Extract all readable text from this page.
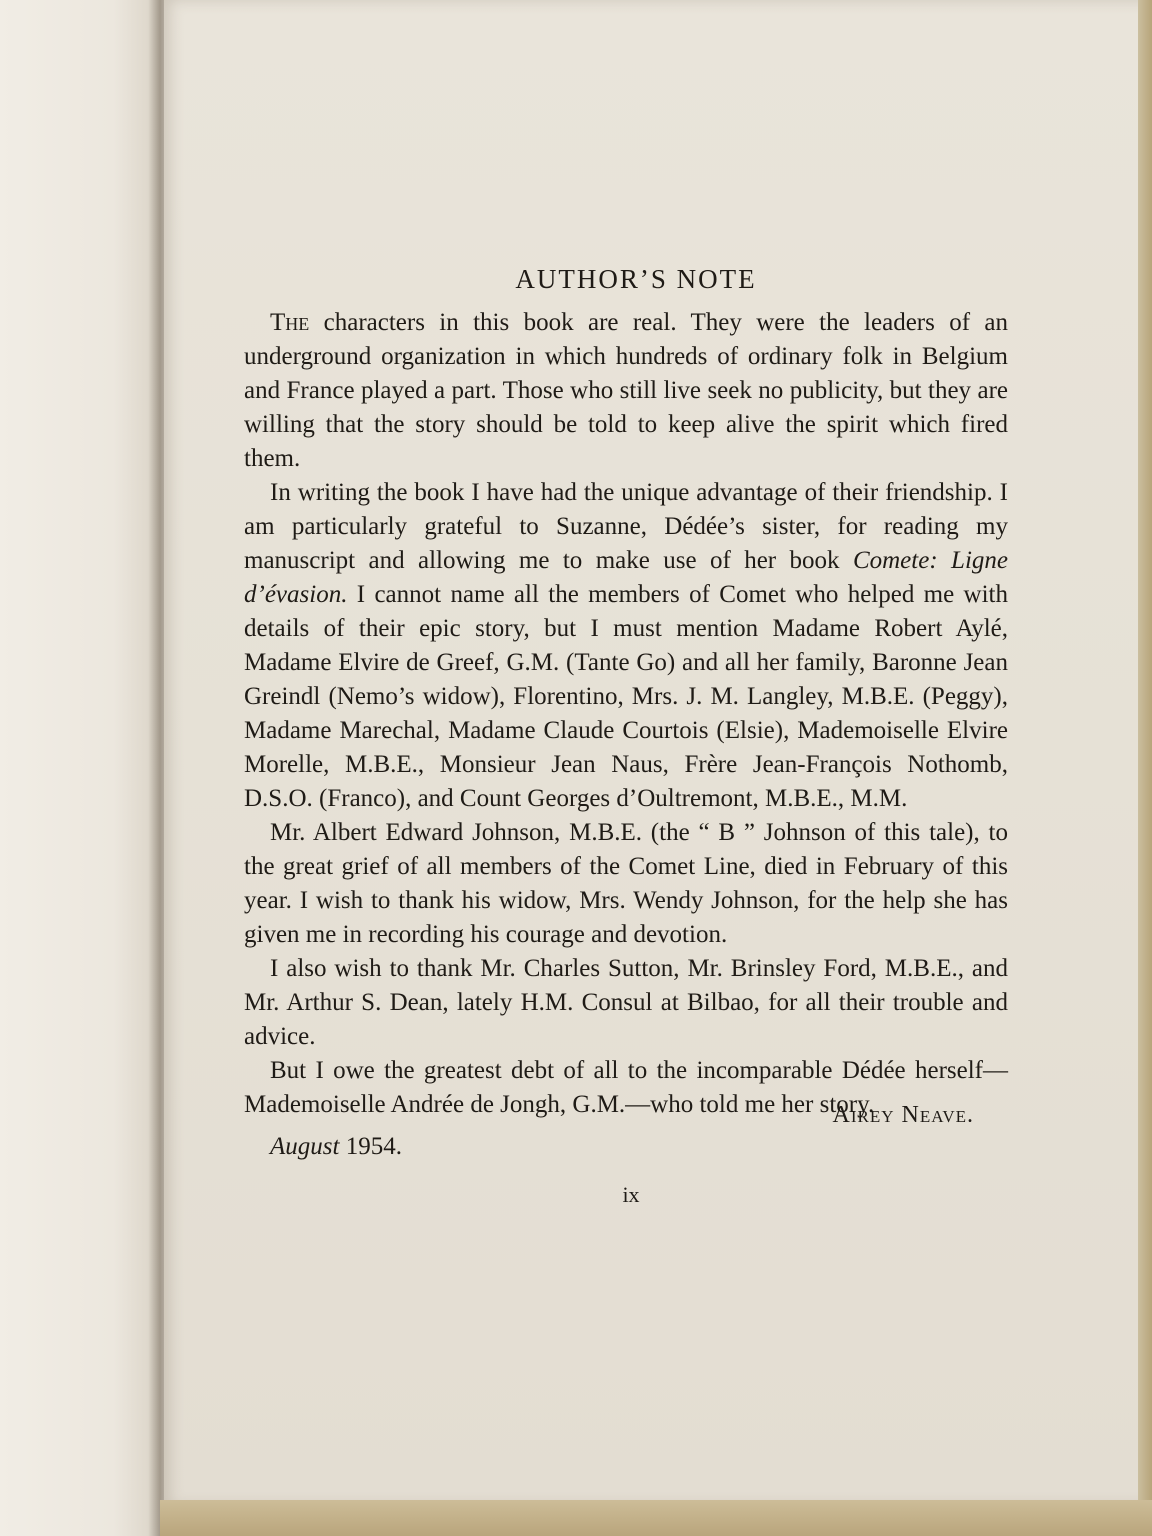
AUTHOR’S NOTE

The characters in this book are real. They were the leaders of an underground organization in which hundreds of ordinary folk in Belgium and France played a part. Those who still live seek no publicity, but they are willing that the story should be told to keep alive the spirit which fired them.

In writing the book I have had the unique advantage of their friendship. I am particularly grateful to Suzanne, Dédée’s sister, for reading my manuscript and allowing me to make use of her book Comete: Ligne d’évasion. I cannot name all the members of Comet who helped me with details of their epic story, but I must mention Madame Robert Aylé, Madame Elvire de Greef, G.M. (Tante Go) and all her family, Baronne Jean Greindl (Nemo’s widow), Florentino, Mrs. J. M. Langley, M.B.E. (Peggy), Madame Marechal, Madame Claude Courtois (Elsie), Mademoiselle Elvire Morelle, M.B.E., Monsieur Jean Naus, Frère Jean-François Nothomb, D.S.O. (Franco), and Count Georges d’Oultremont, M.B.E., M.M.

Mr. Albert Edward Johnson, M.B.E. (the “ B ” Johnson of this tale), to the great grief of all members of the Comet Line, died in February of this year. I wish to thank his widow, Mrs. Wendy Johnson, for the help she has given me in recording his courage and devotion.

I also wish to thank Mr. Charles Sutton, Mr. Brinsley Ford, M.B.E., and Mr. Arthur S. Dean, lately H.M. Consul at Bilbao, for all their trouble and advice.

But I owe the greatest debt of all to the incomparable Dédée herself—Mademoiselle Andrée de Jongh, G.M.—who told me her story.

Airey Neave.

August 1954.

ix
